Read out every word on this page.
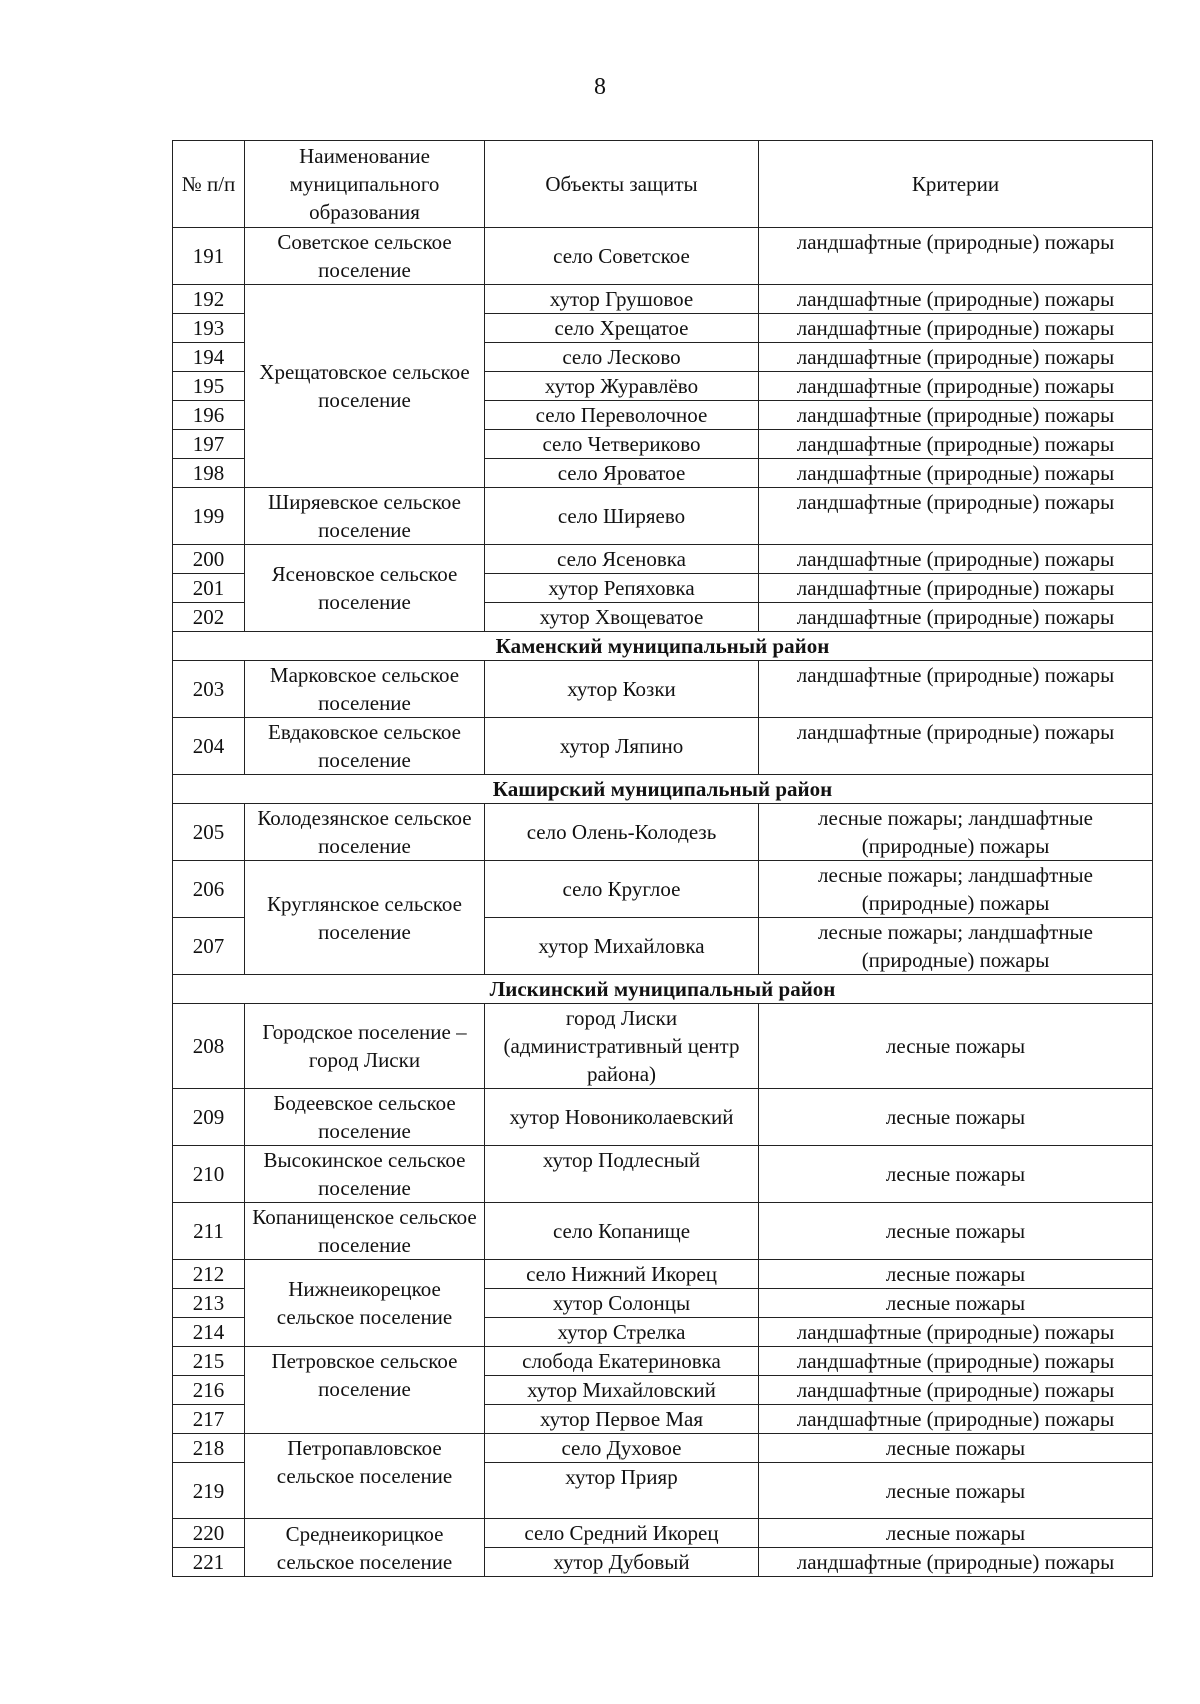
8
№ п/п	Наименование муниципального образования	Объекты защиты	Критерии
191	Советское сельское поселение	село Советское	ландшафтные (природные) пожары
192	Хрещатовское сельское поселение	хутор Грушовое	ландшафтные (природные) пожары
193		село Хрещатое	ландшафтные (природные) пожары
194		село Лесково	ландшафтные (природные) пожары
195		хутор Журавлёво	ландшафтные (природные) пожары
196		село Переволочное	ландшафтные (природные) пожары
197		село Четвериково	ландшафтные (природные) пожары
198		село Яроватое	ландшафтные (природные) пожары
199	Ширяевское сельское поселение	село Ширяево	ландшафтные (природные) пожары
200	Ясеновское сельское поселение	село Ясеновка	ландшафтные (природные) пожары
201		хутор Репяховка	ландшафтные (природные) пожары
202		хутор Хвощеватое	ландшафтные (природные) пожары
Каменский муниципальный район			
203	Марковское сельское поселение	хутор Козки	ландшафтные (природные) пожары
204	Евдаковское сельское поселение	хутор Ляпино	ландшафтные (природные) пожары
Каширский муниципальный район			
205	Колодезянское сельское поселение	село Олень-Колодезь	лесные пожары; ландшафтные (природные) пожары
206	Круглянское сельское поселение	село Круглое	лесные пожары; ландшафтные (природные) пожары
207		хутор Михайловка	лесные пожары; ландшафтные (природные) пожары
Лискинский муниципальный район			
208	Городское поселение – город Лиски	город Лиски (административный центр района)	лесные пожары
209	Бодеевское сельское поселение	хутор Новониколаевский	лесные пожары
210	Высокинское сельское поселение	хутор Подлесный	лесные пожары
211	Копанищенское сельское поселение	село Копанище	лесные пожары
212	Нижнеикорецкое сельское поселение	село Нижний Икорец	лесные пожары
213		хутор Солонцы	лесные пожары
214		хутор Стрелка	ландшафтные (природные) пожары
215	Петровское сельское поселение	слобода Екатериновка	ландшафтные (природные) пожары
216		хутор Михайловский	ландшафтные (природные) пожары
217		хутор Первое Мая	ландшафтные (природные) пожары
218	Петропавловское сельское поселение	село Духовое	лесные пожары
219		хутор Прияр	лесные пожары
220	Среднеикорицкое сельское поселение	село Средний Икорец	лесные пожары
221		хутор Дубовый	ландшафтные (природные) пожары
